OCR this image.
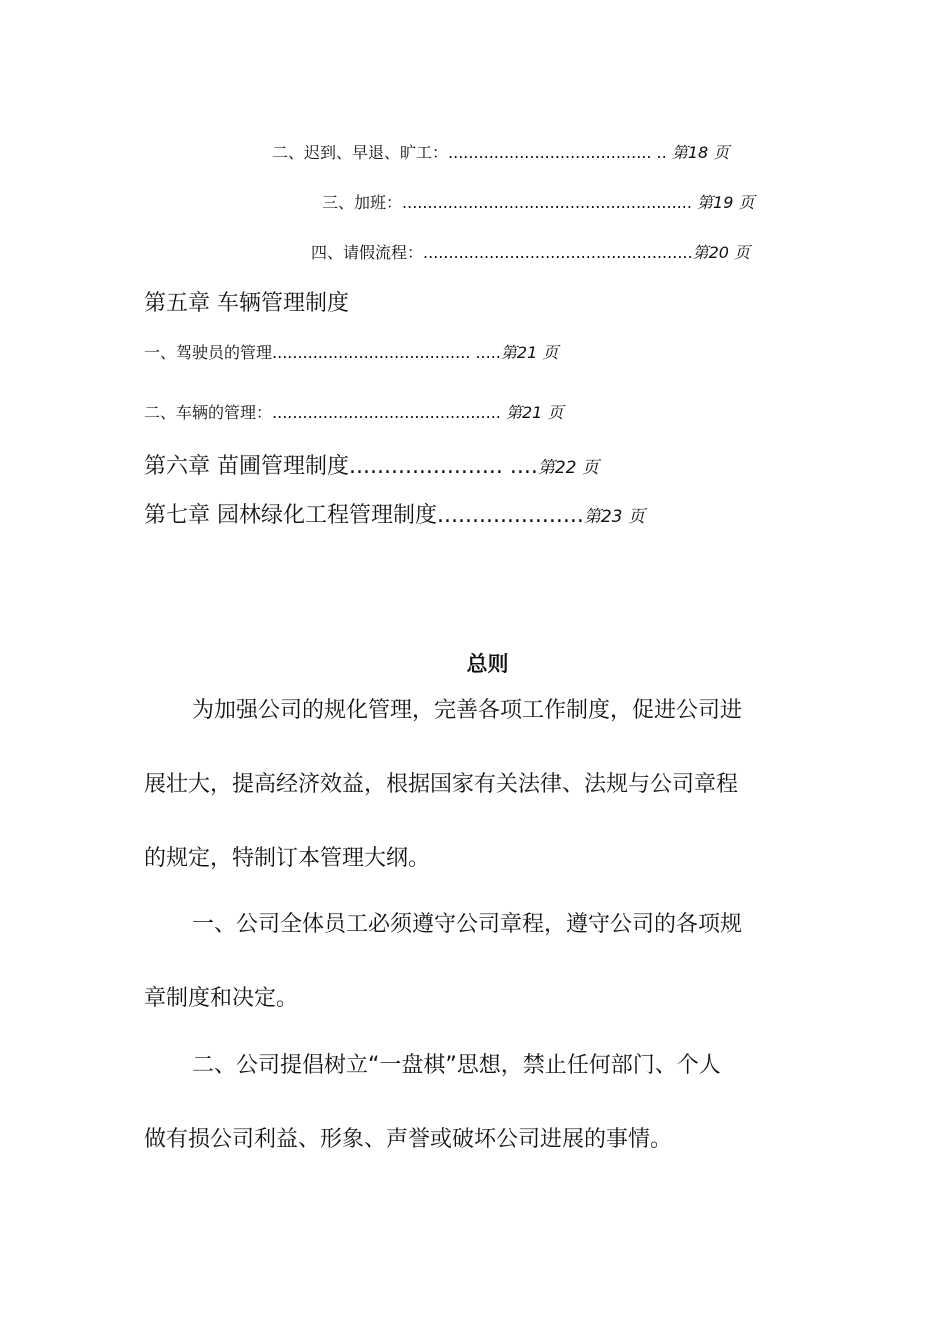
二、迟到、早退、旷工：........................................ .. 第18 页
三、加班：......................................................... 第19 页
四、请假流程：.....................................................第20 页
第五章 车辆管理制度
一、驾驶员的管理....................................... .....第21 页
二、车辆的管理：............................................. 第21 页
第六章 苗圃管理制度...................... ....第22 页
第七章 园林绿化工程管理制度.....................第23 页
总则
为加强公司的规化管理，完善各项工作制度，促进公司进
展壮大，提高经济效益，根据国家有关法律、法规与公司章程
的规定，特制订本管理大纲。
一、公司全体员工必须遵守公司章程，遵守公司的各项规
章制度和决定。
二、公司提倡树立“一盘棋”思想，禁止任何部门、个人
做有损公司利益、形象、声誉或破坏公司进展的事情。
